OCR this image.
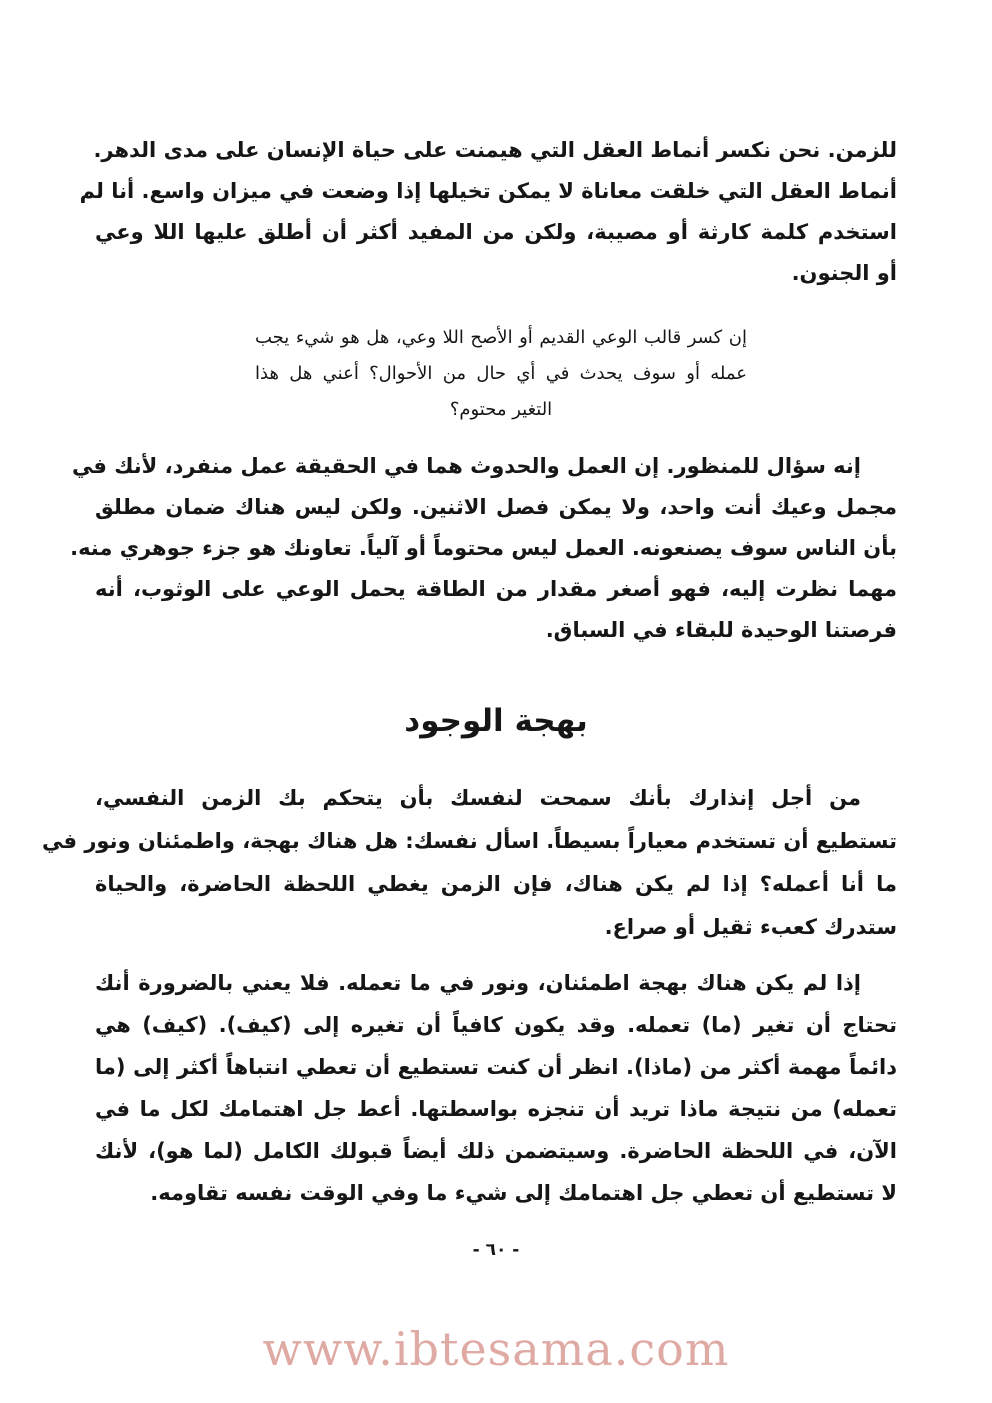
للزمن. نحن نكسر أنماط العقل التي هيمنت على حياة الإنسان على مدى الدهر.
أنماط العقل التي خلقت معاناة لا يمكن تخيلها إذا وضعت في ميزان واسع. أنا لم
استخدم كلمة كارثة أو مصيبة، ولكن من المفيد أكثر أن أطلق عليها اللا وعي
أو الجنون.
إن كسر قالب الوعي القديم أو الأصح اللا وعي، هل هو شيء يجب
عمله أو سوف يحدث في أي حال من الأحوال؟ أعني هل هذا
التغير محتوم؟
إنه سؤال للمنظور. إن العمل والحدوث هما في الحقيقة عمل منفرد، لأنك في
مجمل وعيك أنت واحد، ولا يمكن فصل الاثنين. ولكن ليس هناك ضمان مطلق
بأن الناس سوف يصنعونه. العمل ليس محتوماً أو آلياً. تعاونك هو جزء جوهري منه.
مهما نظرت إليه، فهو أصغر مقدار من الطاقة يحمل الوعي على الوثوب، أنه
فرصتنا الوحيدة للبقاء في السباق.
بهجة الوجود
من أجل إنذارك بأنك سمحت لنفسك بأن يتحكم بك الزمن النفسي،
تستطيع أن تستخدم معياراً بسيطاً. اسأل نفسك: هل هناك بهجة، واطمئنان ونور في
ما أنا أعمله؟ إذا لم يكن هناك، فإن الزمن يغطي اللحظة الحاضرة، والحياة
ستدرك كعبء ثقيل أو صراع.
إذا لم يكن هناك بهجة اطمئنان، ونور في ما تعمله. فلا يعني بالضرورة أنك
تحتاج أن تغير (ما) تعمله. وقد يكون كافياً أن تغيره إلى (كيف). (كيف) هي
دائماً مهمة أكثر من (ماذا). انظر أن كنت تستطيع أن تعطي انتباهاً أكثر إلى (ما
تعمله) من نتيجة ماذا تريد أن تنجزه بواسطتها. أعط جل اهتمامك لكل ما في
الآن، في اللحظة الحاضرة. وسيتضمن ذلك أيضاً قبولك الكامل (لما هو)، لأنك
لا تستطيع أن تعطي جل اهتمامك إلى شيء ما وفي الوقت نفسه تقاومه.
- ٦٠ -
www.ibtesama.com
